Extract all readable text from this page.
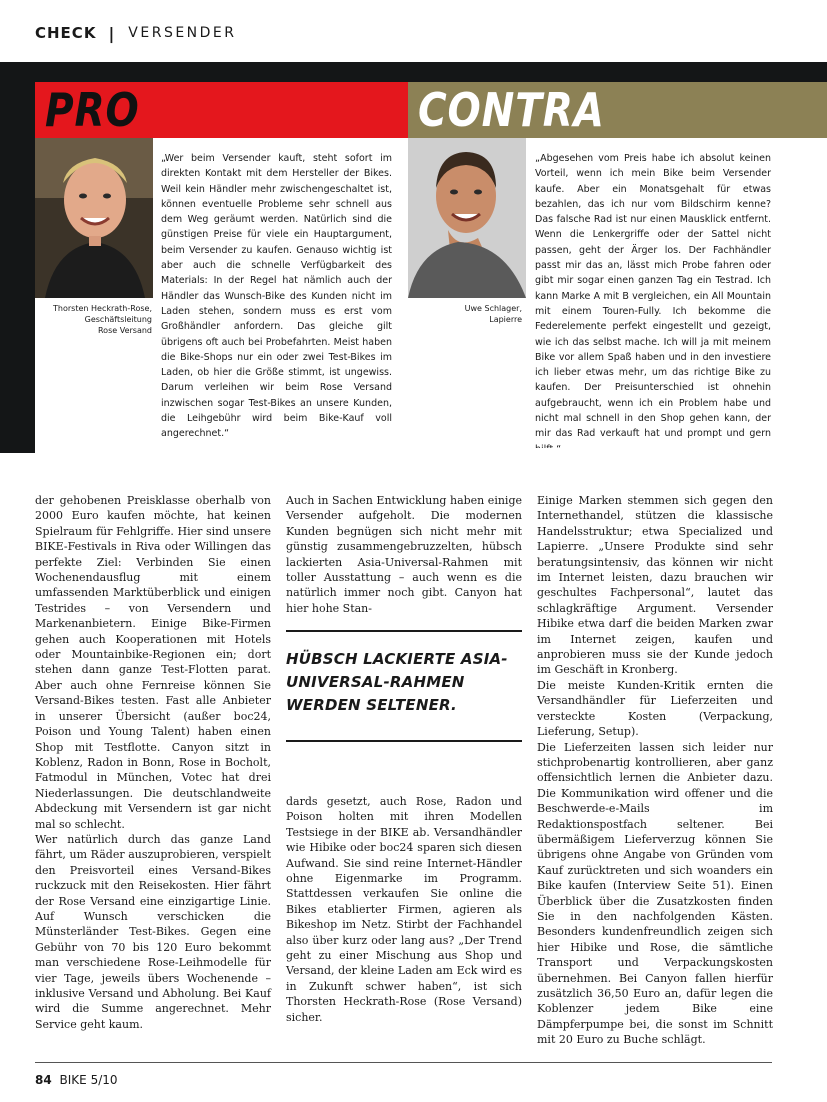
CHECK | VERSENDER
PRO	CONTRA
Thorsten Heckrath-Rose,
Geschäftsleitung
Rose Versand
„Wer beim Versender kauft, steht sofort im direkten Kontakt mit dem Hersteller der Bikes. Weil kein Händler mehr zwischengeschaltet ist, können eventuelle Probleme sehr schnell aus dem Weg geräumt werden. Natürlich sind die günstigen Preise für viele ein Hauptargument, beim Versender zu kaufen. Genauso wichtig ist aber auch die schnelle Verfügbarkeit des Materials: In der Regel hat nämlich auch der Händler das Wunsch-Bike des Kunden nicht im Laden stehen, sondern muss es erst vom Großhändler anfordern. Das gleiche gilt übrigens oft auch bei Probefahrten. Meist haben die Bike-Shops nur ein oder zwei Test-Bikes im Laden, ob hier die Größe stimmt, ist ungewiss. Darum verleihen wir beim Rose Versand inzwischen sogar Test-Bikes an unsere Kunden, die Leihgebühr wird beim Bike-Kauf voll angerechnet.“
Uwe Schlager,
Lapierre
„Abgesehen vom Preis habe ich absolut keinen Vorteil, wenn ich mein Bike beim Versender kaufe. Aber ein Monatsgehalt für etwas bezahlen, das ich nur vom Bildschirm kenne? Das falsche Rad ist nur einen Mausklick entfernt. Wenn die Lenkergriffe oder der Sattel nicht passen, geht der Ärger los. Der Fachhändler passt mir das an, lässt mich Probe fahren oder gibt mir sogar einen ganzen Tag ein Testrad. Ich kann Marke A mit B vergleichen, ein All Mountain mit einem Touren-Fully. Ich bekomme die Federelemente perfekt eingestellt und gezeigt, wie ich das selbst mache. Ich will ja mit meinem Bike vor allem Spaß haben und in den investiere ich lieber etwas mehr, um das richtige Bike zu kaufen. Der Preisunterschied ist ohnehin aufgebraucht, wenn ich ein Problem habe und nicht mal schnell in den Shop gehen kann, der mir das Rad verkauft hat und prompt und gern

der gehobenen Preisklasse oberhalb von 2000 Euro kaufen möchte, hat keinen Spielraum für Fehlgriffe. Hier sind unsere BIKE-Festivals in Riva oder Willingen das perfekte Ziel: Verbinden Sie einen Wochenendausflug mit einem umfassenden Marktüberblick und einigen Testrides – von Versendern und Markenanbietern. Einige Bike-Firmen gehen auch Kooperationen mit Hotels oder Mountainbike-Regionen ein; dort stehen dann ganze Test-Flotten parat. Aber auch ohne Fernreise können Sie Versand-Bikes testen. Fast alle Anbieter in unserer Übersicht (außer boc24, Poison und Young Talent) haben einen Shop mit Testflotte. Canyon sitzt in Koblenz, Radon in Bonn, Rose in Bocholt, Fatmodul in München, Votec hat drei Niederlassungen. Die deutschlandweite Abdeckung mit Versendern ist gar nicht mal so schlecht.

Wer natürlich durch das ganze Land fährt, um Räder auszuprobieren, verspielt den Preisvorteil eines Versand-Bikes ruckzuck mit den Reisekosten. Hier fährt der Rose Versand eine einzigartige Linie. Auf Wunsch verschicken die Münsterländer Test-Bikes. Gegen eine Gebühr von 70 bis 120 Euro bekommt man verschiedene Rose-Leihmodelle für vier Tage, jeweils übers Wochenende – inklusive Versand und Abholung. Bei Kauf wird die Summe angerechnet. Mehr Service geht kaum.

Auch in Sachen Entwicklung haben einige Versender aufgeholt. Die modernen Kunden begnügen sich nicht mehr mit günstig zusammengebruzzelten, hübsch lackierten Asia-Universal-Rahmen mit toller Ausstattung – auch wenn es die natürlich immer noch gibt. Canyon hat hier hohe Stan-

dards gesetzt, auch Rose, Radon und Poison holten mit ihren Modellen Testsiege in der BIKE ab. Versandhändler wie Hibike oder boc24 sparen sich diesen Aufwand. Sie sind reine Internet-Händler ohne Eigenmarke im Programm. Stattdessen verkaufen Sie online die Bikes etablierter Firmen, agieren als Bikeshop im Netz. Stirbt der Fachhandel also über kurz oder lang aus? „Der Trend geht zu einer Mischung aus Shop und Versand, der kleine Laden am Eck wird es in Zukunft schwer haben“, ist sich Thorsten Heckrath-Rose (Rose Versand) sicher.

Einige Marken stemmen sich gegen den Internethandel, stützen die klassische Handelsstruktur; etwa Specialized und Lapierre. „Unsere Produkte sind sehr beratungsintensiv, das können wir nicht im Internet leisten, dazu brauchen wir geschultes Fachpersonal“, lautet das schlagkräftige Argument. Versender Hibike etwa darf die beiden Marken zwar im Internet zeigen, kaufen und anprobieren muss sie der Kunde jedoch im Geschäft in Kronberg.

Die meiste Kunden-Kritik ernten die Versandhändler für Lieferzeiten und versteckte Kosten (Verpackung, Lieferung, Setup).

Die Lieferzeiten lassen sich leider nur stichprobenartig kontrollieren, aber ganz offensichtlich lernen die Anbieter dazu. Die Kommunikation wird offener und die Beschwerde-e-Mails im Redaktionspostfach seltener. Bei übermäßigem Lieferverzug können Sie übrigens ohne Angabe von Gründen vom Kauf zurücktreten und sich woanders ein Bike kaufen (Interview Seite 51). Einen Überblick über die Zusatzkosten finden Sie in den nachfolgenden Kästen. Besonders kundenfreundlich zeigen sich hier Hibike und Rose, die sämtliche Transport und Verpackungskosten übernehmen. Bei Canyon fallen hierfür zusätzlich 36,50 Euro an, dafür legen die Koblenzer jedem Bike eine Dämpferpumpe bei, die sonst im Schnitt mit 20 Euro zu Buche schlägt.

HÜBSCH LACKIERTE ASIA-UNIVERSAL-RAHMEN WERDEN SELTENER.
84 BIKE 5/10
